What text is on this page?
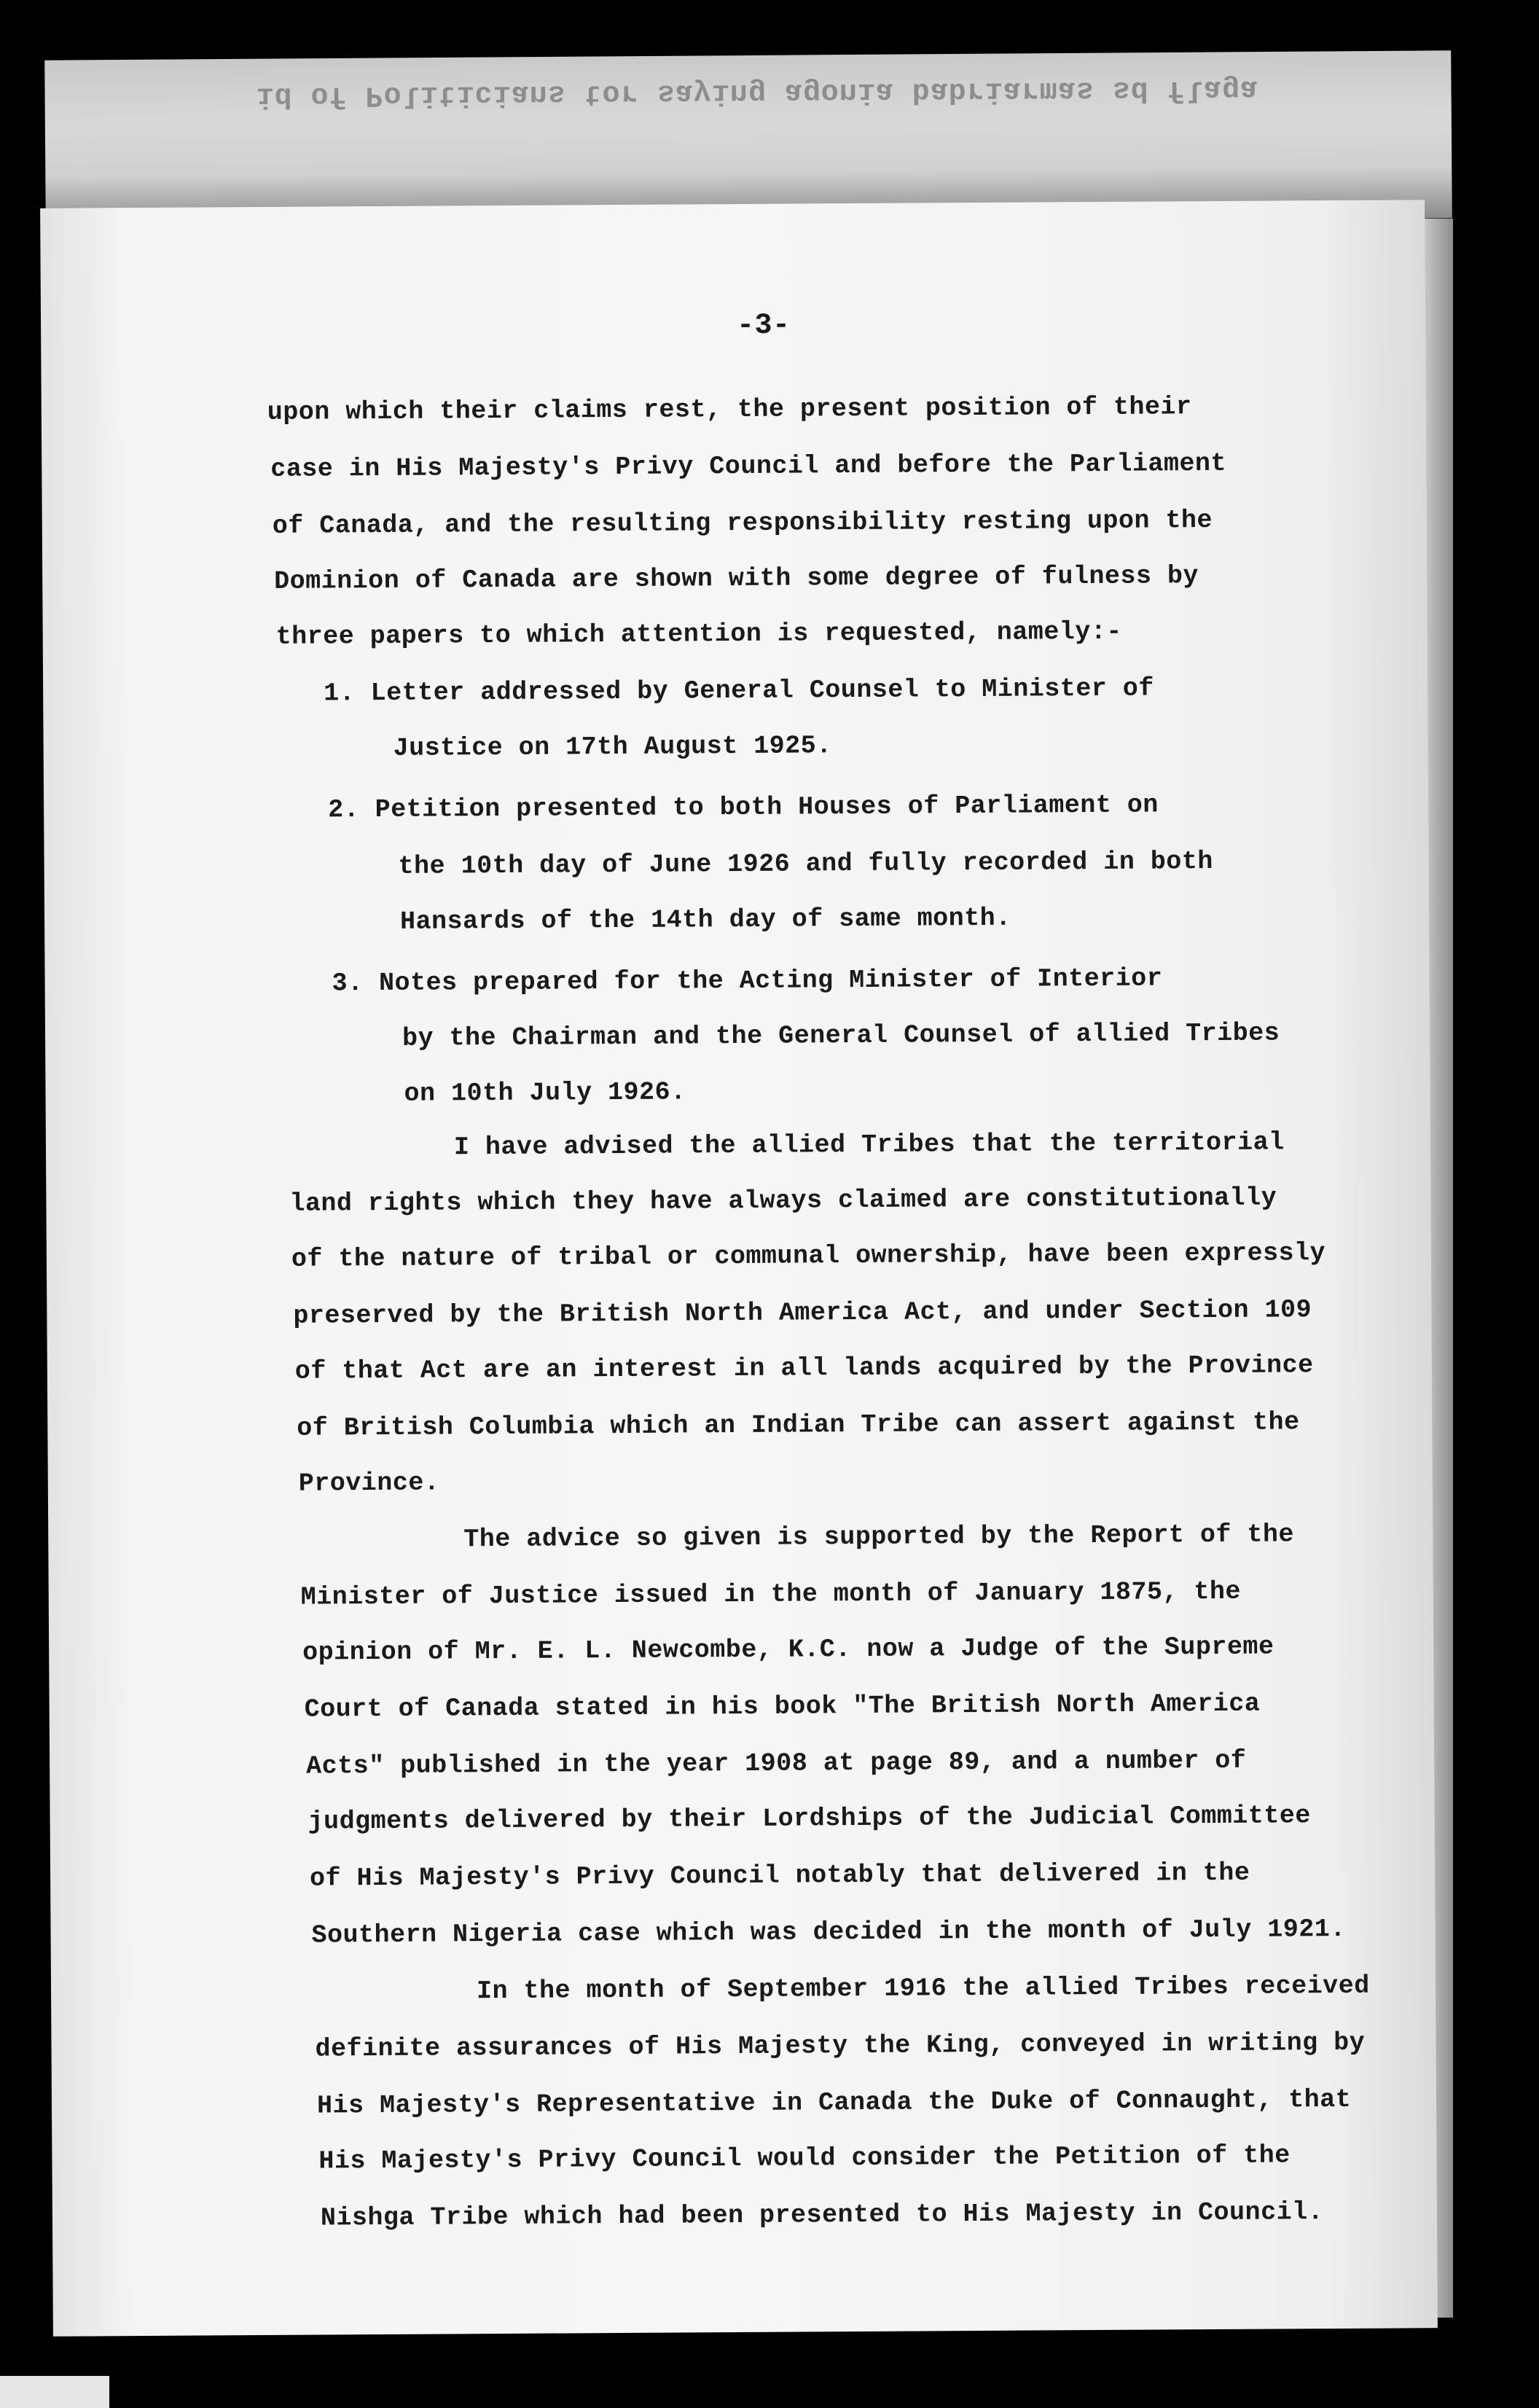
id of Politicians tor saying agonia babriarmas sd flaga

-3-
upon which their claims rest, the present position of their
case in His Majesty's Privy Council and before the Parliament
of Canada, and the resulting responsibility resting upon the
Dominion of Canada are shown with some degree of fulness by
three papers to which attention is requested, namely:-
1. Letter addressed by General Counsel to Minister of
Justice on 17th August 1925.
2. Petition presented to both Houses of Parliament on
the 10th day of June 1926 and fully recorded in both
Hansards of the 14th day of same month.
3. Notes prepared for the Acting Minister of Interior
by the Chairman and the General Counsel of allied Tribes
on 10th July 1926.
I have advised the allied Tribes that the territorial
land rights which they have always claimed are constitutionally
of the nature of tribal or communal ownership, have been expressly
preserved by the British North America Act, and under Section 109
of that Act are an interest in all lands acquired by the Province
of British Columbia which an Indian Tribe can assert against the
Province.
The advice so given is supported by the Report of the
Minister of Justice issued in the month of January 1875, the
opinion of Mr. E. L. Newcombe, K.C. now a Judge of the Supreme
Court of Canada stated in his book "The British North America
Acts" published in the year 1908 at page 89, and a number of
judgments delivered by their Lordships of the Judicial Committee
of His Majesty's Privy Council notably that delivered in the
Southern Nigeria case which was decided in the month of July 1921.
In the month of September 1916 the allied Tribes received
definite assurances of His Majesty the King, conveyed in writing by
His Majesty's Representative in Canada the Duke of Connaught, that
His Majesty's Privy Council would consider the Petition of the
Nishga Tribe which had been presented to His Majesty in Council.
